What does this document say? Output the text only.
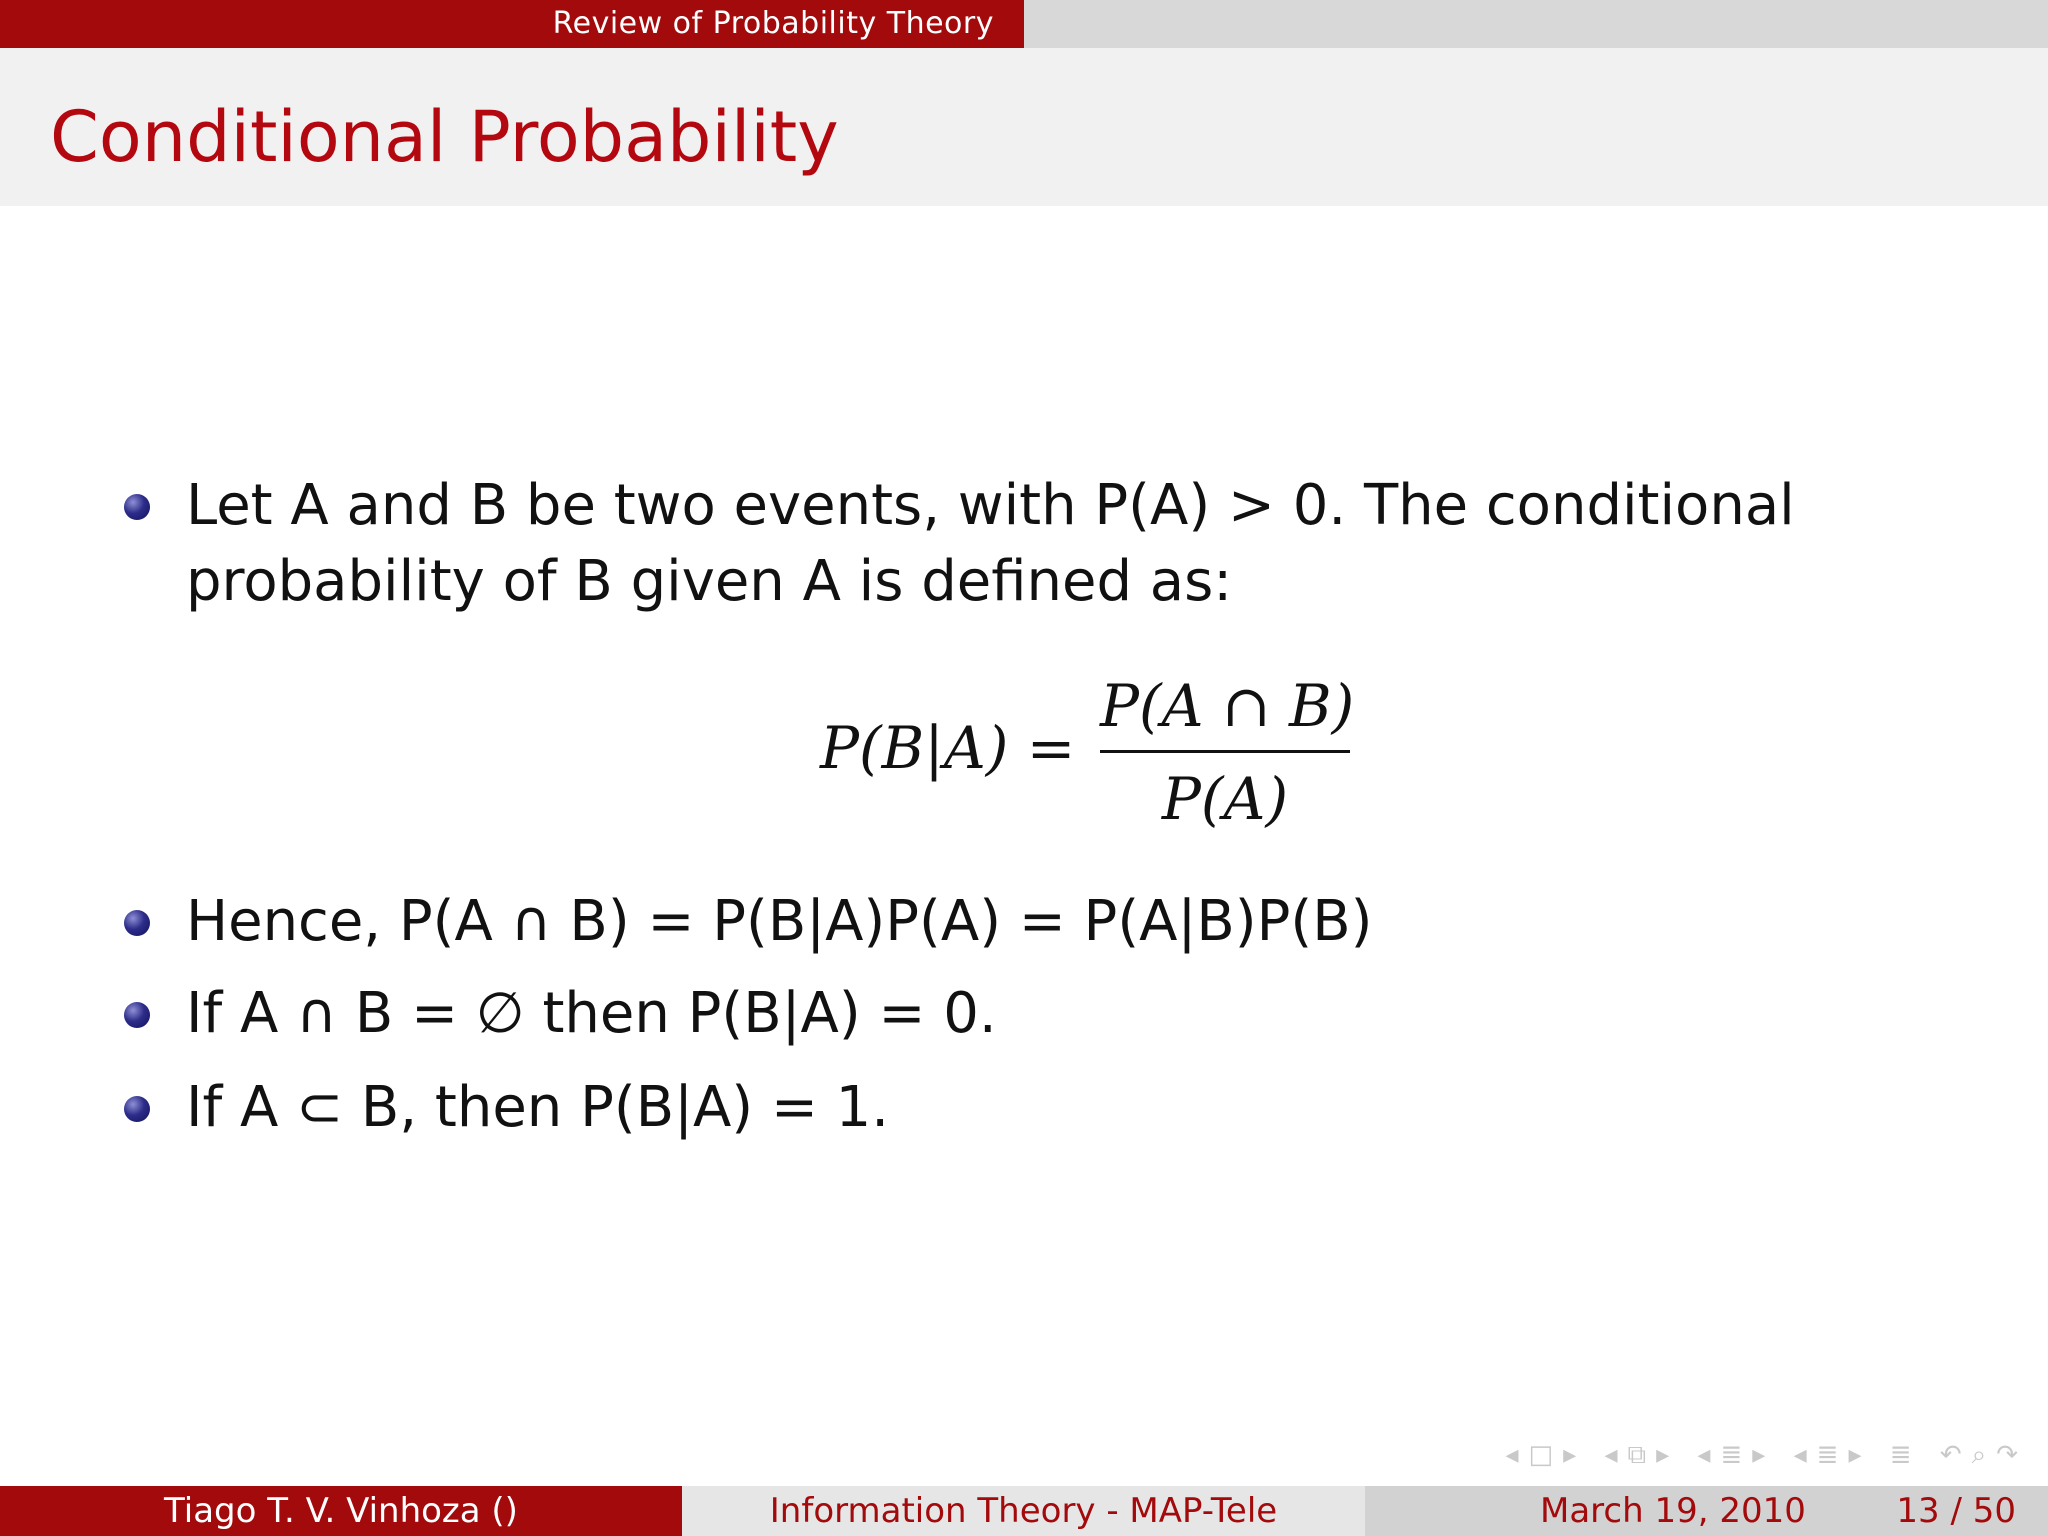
Review of Probability Theory
Conditional Probability
Let A and B be two events, with P(A) > 0. The conditional
probability of B given A is defined as:
P(B|A) =
P(A ∩ B)
P(A)
Hence, P(A ∩ B) = P(B|A)P(A) = P(A|B)P(B)
If A ∩ B = ∅ then P(B|A) = 0.
If A ⊂ B, then P(B|A) = 1.
◂□▸ ◂⧉▸ ◂≣▸ ◂≣▸ ≣ ↶⌕↷
Tiago T. V. Vinhoza ()	Information Theory - MAP-Tele	March 19, 2010	13 / 50
